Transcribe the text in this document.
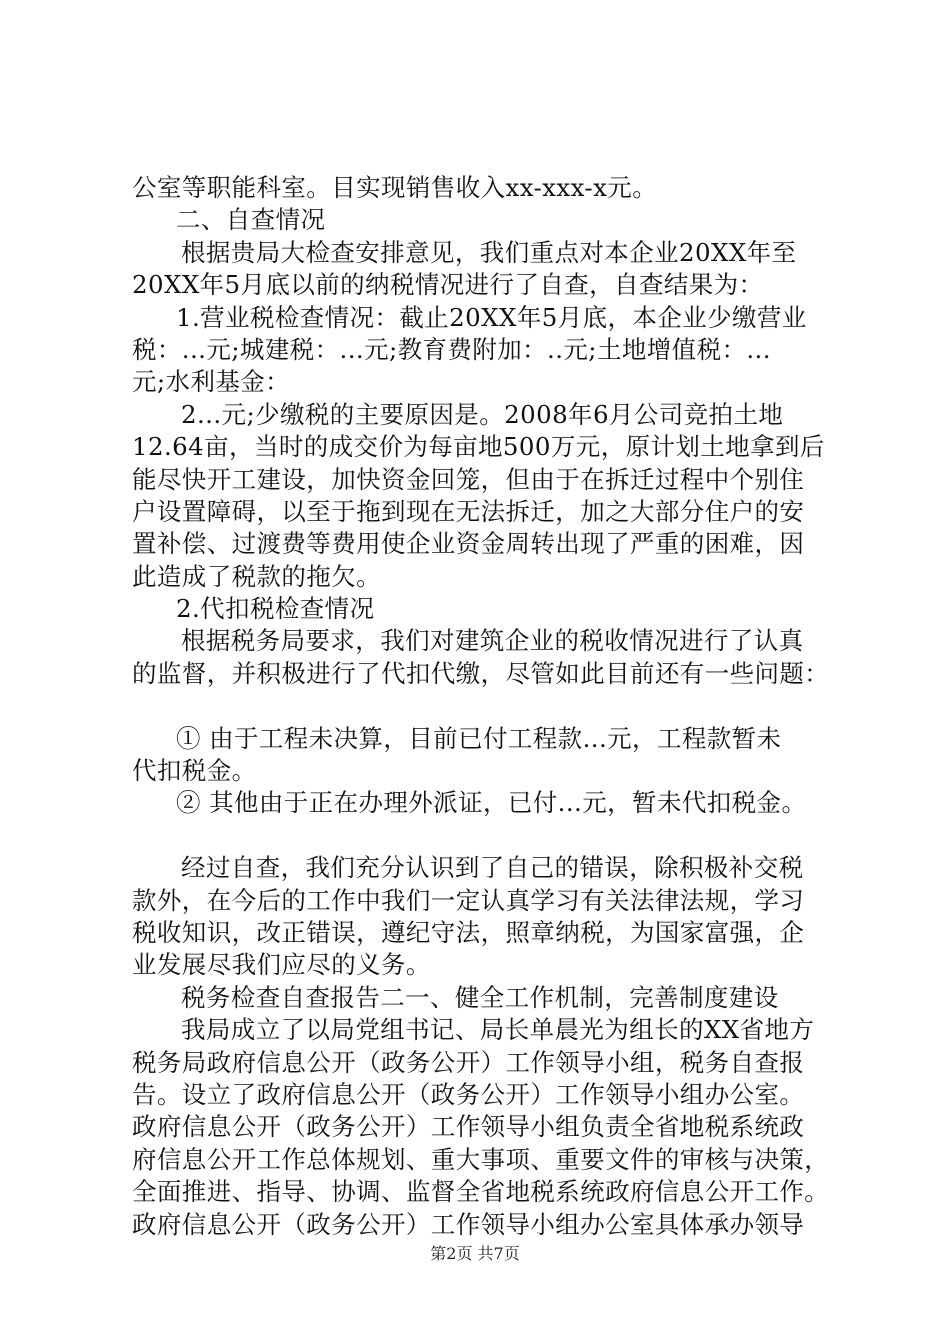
公室等职能科室。目实现销售收入xx-xxx-x元。

二、自查情况

根据贵局大检查安排意见，我们重点对本企业20XX年至

20XX年5月底以前的纳税情况进行了自查，自查结果为：

1.营业税检查情况：截止20XX年5月底，本企业少缴营业

税：...元;城建税：...元;教育费附加：..元;土地增值税：...

元;水利基金：

2...元;少缴税的主要原因是。2008年6月公司竞拍土地

12.64亩，当时的成交价为每亩地500万元，原计划土地拿到后

能尽快开工建设，加快资金回笼，但由于在拆迁过程中个别住

户设置障碍，以至于拖到现在无法拆迁，加之大部分住户的安

置补偿、过渡费等费用使企业资金周转出现了严重的困难，因

此造成了税款的拖欠。

2.代扣税检查情况

根据税务局要求，我们对建筑企业的税收情况进行了认真

的监督，并积极进行了代扣代缴，尽管如此目前还有一些问题：

① 由于工程未决算，目前已付工程款...元，工程款暂未

代扣税金。

② 其他由于正在办理外派证，已付...元，暂未代扣税金。

经过自查，我们充分认识到了自己的错误，除积极补交税

款外，在今后的工作中我们一定认真学习有关法律法规，学习

税收知识，改正错误，遵纪守法，照章纳税，为国家富强，企

业发展尽我们应尽的义务。

税务检查自查报告二一、健全工作机制，完善制度建设

我局成立了以局党组书记、局长单晨光为组长的XX省地方

税务局政府信息公开（政务公开）工作领导小组，税务自查报

告。设立了政府信息公开（政务公开）工作领导小组办公室。

政府信息公开（政务公开）工作领导小组负责全省地税系统政

府信息公开工作总体规划、重大事项、重要文件的审核与决策，

全面推进、指导、协调、监督全省地税系统政府信息公开工作。

政府信息公开（政务公开）工作领导小组办公室具体承办领导

第2页 共7页
